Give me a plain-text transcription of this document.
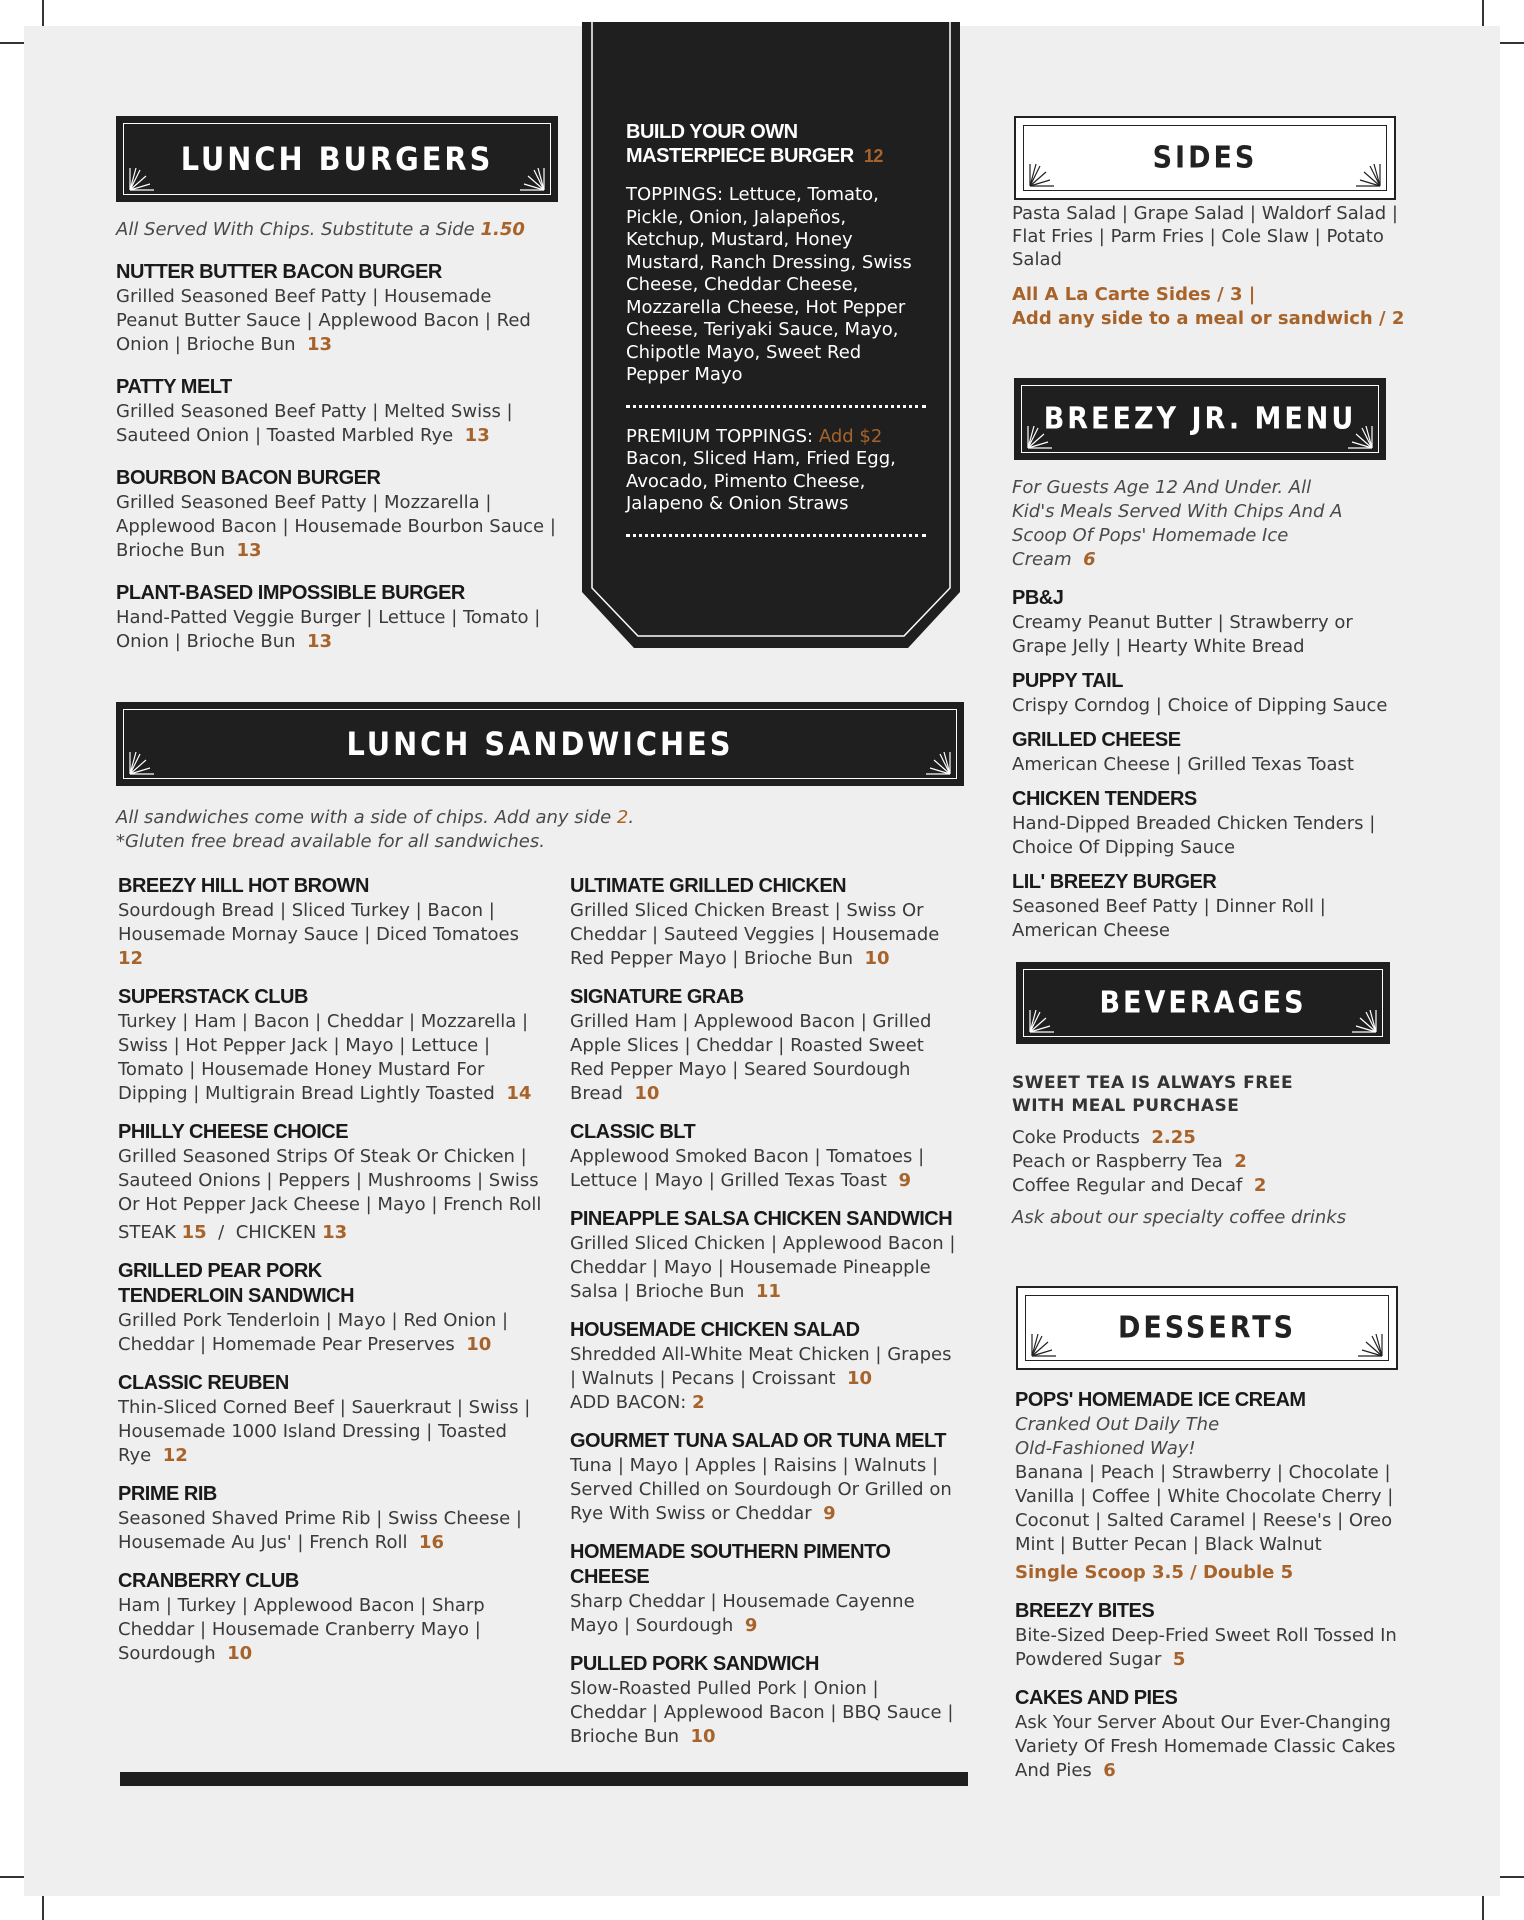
BUILD YOUR OWN
MASTERPIECE BURGER 12
TOPPINGS: Lettuce, Tomato, Pickle, Onion, Jalapeños, Ketchup, Mustard, Honey Mustard, Ranch Dressing, Swiss Cheese, Cheddar Cheese, Mozzarella Cheese, Hot Pepper Cheese, Teriyaki Sauce, Mayo, Chipotle Mayo, Sweet Red Pepper Mayo
PREMIUM TOPPINGS: Add $2
Bacon, Sliced Ham, Fried Egg, Avocado, Pimento Cheese, Jalapeno & Onion Straws
LUNCH BURGERS
All Served With Chips. Substitute a Side 1.50
NUTTER BUTTER BACON BURGER
Grilled Seasoned Beef Patty | Housemade Peanut Butter Sauce | Applewood Bacon | Red Onion | Brioche Bun 13
PATTY MELT
Grilled Seasoned Beef Patty | Melted Swiss | Sauteed Onion | Toasted Marbled Rye 13
BOURBON BACON BURGER
Grilled Seasoned Beef Patty | Mozzarella | Applewood Bacon | Housemade Bourbon Sauce | Brioche Bun 13
PLANT-BASED IMPOSSIBLE BURGER
Hand-Patted Veggie Burger | Lettuce | Tomato | Onion | Brioche Bun 13
LUNCH SANDWICHES
All sandwiches come with a side of chips. Add any side 2.
*Gluten free bread available for all sandwiches.
BREEZY HILL HOT BROWN
Sourdough Bread | Sliced Turkey | Bacon | Housemade Mornay Sauce | Diced Tomatoes  12
SUPERSTACK CLUB
Turkey | Ham | Bacon | Cheddar | Mozzarella | Swiss | Hot Pepper Jack | Mayo | Lettuce | Tomato | Housemade Honey Mustard For Dipping | Multigrain Bread Lightly Toasted 14
PHILLY CHEESE CHOICE
Grilled Seasoned Strips Of Steak Or Chicken | Sauteed Onions | Peppers | Mushrooms | Swiss Or Hot Pepper Jack Cheese | Mayo | French Roll
STEAK 15 / CHICKEN 13
GRILLED PEAR PORK TENDERLOIN SANDWICH
Grilled Pork Tenderloin | Mayo | Red Onion | Cheddar | Homemade Pear Preserves 10
CLASSIC REUBEN
Thin-Sliced Corned Beef | Sauerkraut | Swiss | Housemade 1000 Island Dressing | Toasted Rye 12
PRIME RIB
Seasoned Shaved Prime Rib | Swiss Cheese | Housemade Au Jus' | French Roll 16
CRANBERRY CLUB
Ham | Turkey | Applewood Bacon | Sharp Cheddar | Housemade Cranberry Mayo | Sourdough 10
ULTIMATE GRILLED CHICKEN
Grilled Sliced Chicken Breast | Swiss Or Cheddar | Sauteed Veggies | Housemade Red Pepper Mayo | Brioche Bun 10
SIGNATURE GRAB
Grilled Ham | Applewood Bacon | Grilled Apple Slices | Cheddar | Roasted Sweet Red Pepper Mayo | Seared Sourdough Bread 10
CLASSIC BLT
Applewood Smoked Bacon | Tomatoes | Lettuce | Mayo | Grilled Texas Toast 9
PINEAPPLE SALSA CHICKEN SANDWICH
Grilled Sliced Chicken | Applewood Bacon | Cheddar | Mayo | Housemade Pineapple Salsa | Brioche Bun 11
HOUSEMADE CHICKEN SALAD
Shredded All-White Meat Chicken | Grapes | Walnuts | Pecans | Croissant 10
ADD BACON: 2
GOURMET TUNA SALAD OR TUNA MELT
Tuna | Mayo | Apples | Raisins | Walnuts | Served Chilled on Sourdough Or Grilled on Rye With Swiss or Cheddar 9
HOMEMADE SOUTHERN PIMENTO CHEESE
Sharp Cheddar | Housemade Cayenne Mayo | Sourdough 9
PULLED PORK SANDWICH
Slow-Roasted Pulled Pork | Onion | Cheddar | Applewood Bacon | BBQ Sauce | Brioche Bun 10
SIDES
Pasta Salad | Grape Salad | Waldorf Salad | Flat Fries | Parm Fries | Cole Slaw | Potato Salad
All A La Carte Sides / 3 |
Add any side to a meal or sandwich / 2
BREEZY JR. MENU
For Guests Age 12 And Under. All Kid's Meals Served With Chips And A Scoop Of Pops' Homemade Ice Cream 6
PB&J
Creamy Peanut Butter | Strawberry or Grape Jelly | Hearty White Bread
PUPPY TAIL
Crispy Corndog | Choice of Dipping Sauce
GRILLED CHEESE
American Cheese | Grilled Texas Toast
CHICKEN TENDERS
Hand-Dipped Breaded Chicken Tenders | Choice Of Dipping Sauce
LIL' BREEZY BURGER
Seasoned Beef Patty | Dinner Roll | American Cheese
BEVERAGES
SWEET TEA IS ALWAYS FREE
WITH MEAL PURCHASE
Coke Products 2.25
Peach or Raspberry Tea 2
Coffee Regular and Decaf 2
Ask about our specialty coffee drinks
DESSERTS
POPS' HOMEMADE ICE CREAM
Cranked Out Daily The
Old-Fashioned Way!
Banana | Peach | Strawberry | Chocolate | Vanilla | Coffee | White Chocolate Cherry | Coconut | Salted Caramel | Reese's | Oreo Mint | Butter Pecan | Black Walnut
Single Scoop 3.5 / Double 5
BREEZY BITES
Bite-Sized Deep-Fried Sweet Roll Tossed In Powdered Sugar 5
CAKES AND PIES
Ask Your Server About Our Ever-Changing Variety Of Fresh Homemade Classic Cakes And Pies 6
